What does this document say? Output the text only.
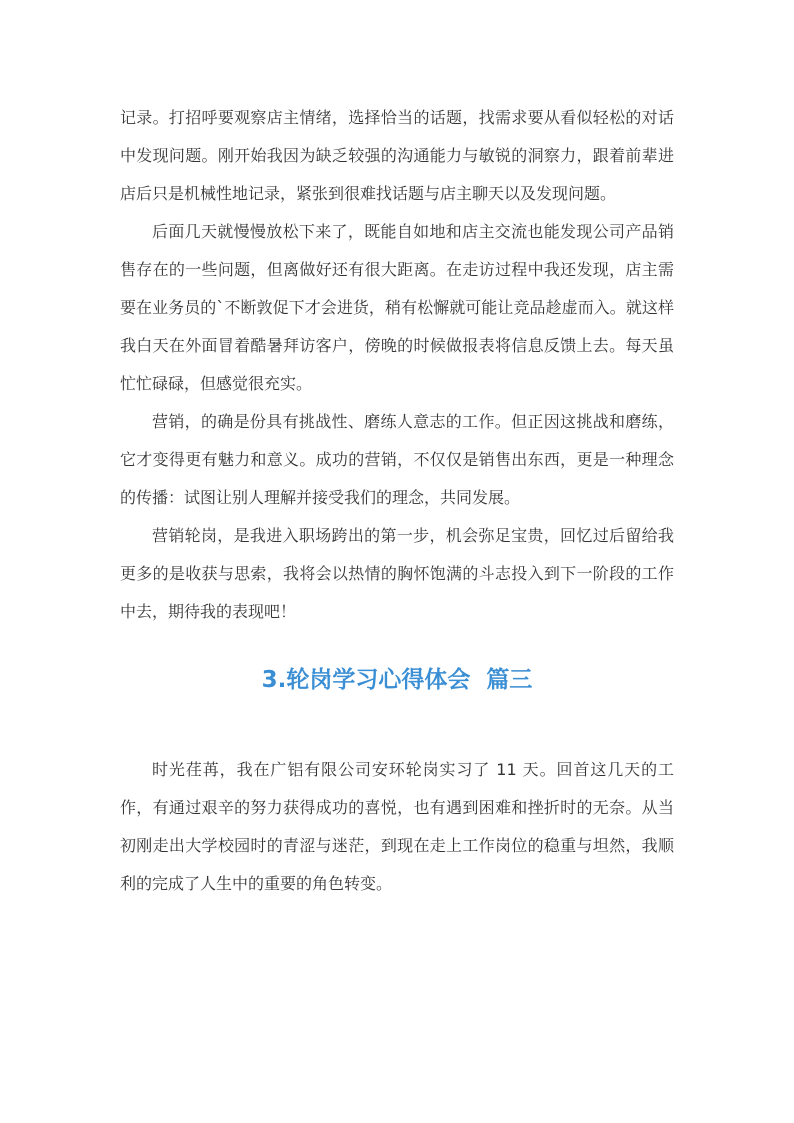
记录。打招呼要观察店主情绪，选择恰当的话题，找需求要从看似轻松的对话中发现问题。刚开始我因为缺乏较强的沟通能力与敏锐的洞察力，跟着前辈进店后只是机械性地记录，紧张到很难找话题与店主聊天以及发现问题。

后面几天就慢慢放松下来了，既能自如地和店主交流也能发现公司产品销售存在的一些问题，但离做好还有很大距离。在走访过程中我还发现，店主需要在业务员的`不断敦促下才会进货，稍有松懈就可能让竞品趁虚而入。就这样我白天在外面冒着酷暑拜访客户，傍晚的时候做报表将信息反馈上去。每天虽忙忙碌碌，但感觉很充实。

营销，的确是份具有挑战性、磨练人意志的工作。但正因这挑战和磨练，它才变得更有魅力和意义。成功的营销，不仅仅是销售出东西，更是一种理念的传播：试图让别人理解并接受我们的理念，共同发展。

营销轮岗，是我进入职场跨出的第一步，机会弥足宝贵，回忆过后留给我更多的是收获与思索，我将会以热情的胸怀饱满的斗志投入到下一阶段的工作中去，期待我的表现吧！

3.轮岗学习心得体会  篇三

时光荏苒，我在广铝有限公司安环轮岗实习了 11 天。回首这几天的工作，有通过艰辛的努力获得成功的喜悦，也有遇到困难和挫折时的无奈。从当初刚走出大学校园时的青涩与迷茫，到现在走上工作岗位的稳重与坦然，我顺利的完成了人生中的重要的角色转变。
